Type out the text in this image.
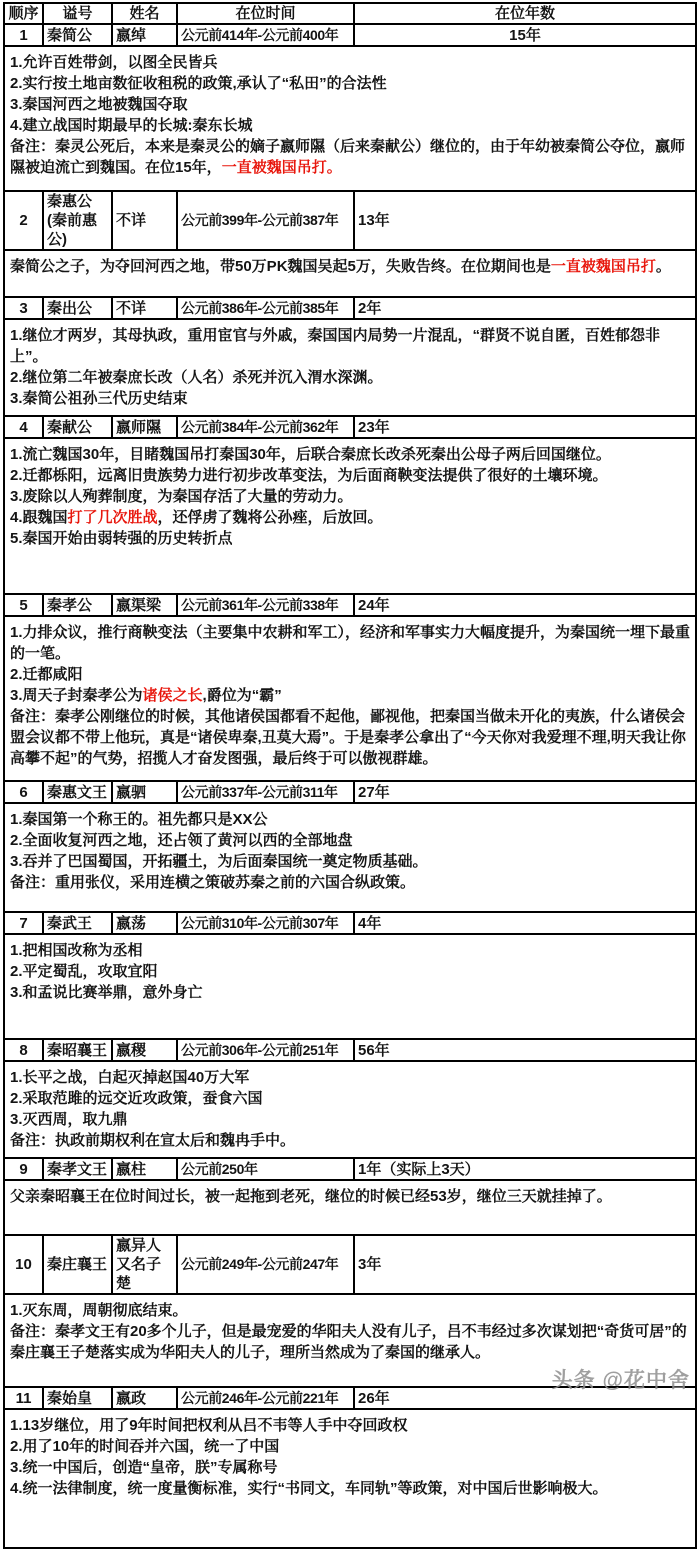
顺序	谥号	姓名	在位时间	在位年数
1	秦简公	嬴绰	公元前414年-公元前400年	15年

1.允许百姓带剑，以图全民皆兵
2.实行按土地亩数征收租税的政策,承认了“私田”的合法性
3.秦国河西之地被魏国夺取
4.建立战国时期最早的长城:秦东长城
备注：秦灵公死后，本来是秦灵公的嫡子嬴师隰（后来秦献公）继位的，由于年幼被秦简公夺位，嬴师隰被迫流亡到魏国。在位15年，一直被魏国吊打。				

2	秦惠公(秦前惠公)	不详	公元前399年-公元前387年	13年

秦简公之子，为夺回河西之地，带50万PK魏国吴起5万，失败告终。在位期间也是一直被魏国吊打。				

3	秦出公	不详	公元前386年-公元前385年	2年

1.继位才两岁，其母执政，重用宦官与外戚，秦国国内局势一片混乱，“群贤不说自匿，百姓郁怨非上”。
2.继位第二年被秦庶长改（人名）杀死并沉入渭水深渊。
3.秦简公祖孙三代历史结束				

4	秦献公	嬴师隰	公元前384年-公元前362年	23年

1.流亡魏国30年，目睹魏国吊打秦国30年，后联合秦庶长改杀死秦出公母子两后回国继位。
2.迁都栎阳，远离旧贵族势力进行初步改革变法，为后面商鞅变法提供了很好的土壤环境。
3.废除以人殉葬制度，为秦国存活了大量的劳动力。
4.跟魏国打了几次胜战，还俘虏了魏将公孙痤，后放回。
5.秦国开始由弱转强的历史转折点				

5	秦孝公	嬴渠梁	公元前361年-公元前338年	24年

1.力排众议，推行商鞅变法（主要集中农耕和军工），经济和军事实力大幅度提升，为秦国统一埋下最重的一笔。
2.迁都咸阳
3.周天子封秦孝公为诸侯之长,爵位为“霸”
备注：秦孝公刚继位的时候，其他诸侯国都看不起他，鄙视他，把秦国当做未开化的夷族，什么诸侯会盟会议都不带上他玩，真是“诸侯卑秦,丑莫大焉”。于是秦孝公拿出了“今天你对我爱理不理,明天我让你高攀不起”的气势，招揽人才奋发图强，最后终于可以傲视群雄。				

6	秦惠文王	嬴驷	公元前337年-公元前311年	27年

1.秦国第一个称王的。祖先都只是XX公
2.全面收复河西之地，还占领了黄河以西的全部地盘
3.吞并了巴国蜀国，开拓疆土，为后面秦国统一奠定物质基础。
备注：重用张仪，采用连横之策破苏秦之前的六国合纵政策。				

7	秦武王	嬴荡	公元前310年-公元前307年	4年

1.把相国改称为丞相
2.平定蜀乱，攻取宜阳
3.和孟说比赛举鼎，意外身亡				

8	秦昭襄王	嬴稷	公元前306年-公元前251年	56年

1.长平之战，白起灭掉赵国40万大军
2.采取范雎的远交近攻政策，蚕食六国
3.灭西周，取九鼎
备注：执政前期权利在宣太后和魏冉手中。				

9	秦孝文王	嬴柱	公元前250年	1年（实际上3天）

父亲秦昭襄王在位时间过长，被一起拖到老死，继位的时候已经53岁，继位三天就挂掉了。				

10	秦庄襄王	嬴异人又名子楚	公元前249年-公元前247年	3年

1.灭东周，周朝彻底结束。
备注：秦孝文王有20多个儿子，但是最宠爱的华阳夫人没有儿子，吕不韦经过多次谋划把“奇货可居”的秦庄襄王子楚落实成为华阳夫人的儿子，理所当然成为了秦国的继承人。				

11	秦始皇	嬴政	公元前246年-公元前221年	26年

1.13岁继位，用了9年时间把权利从吕不韦等人手中夺回政权
2.用了10年的时间吞并六国，统一了中国
3.统一中国后，创造“皇帝，朕”专属称号
4.统一法律制度，统一度量衡标准，实行“书同文，车同轨”等政策，对中国后世影响极大。				
头条 @花中舍
